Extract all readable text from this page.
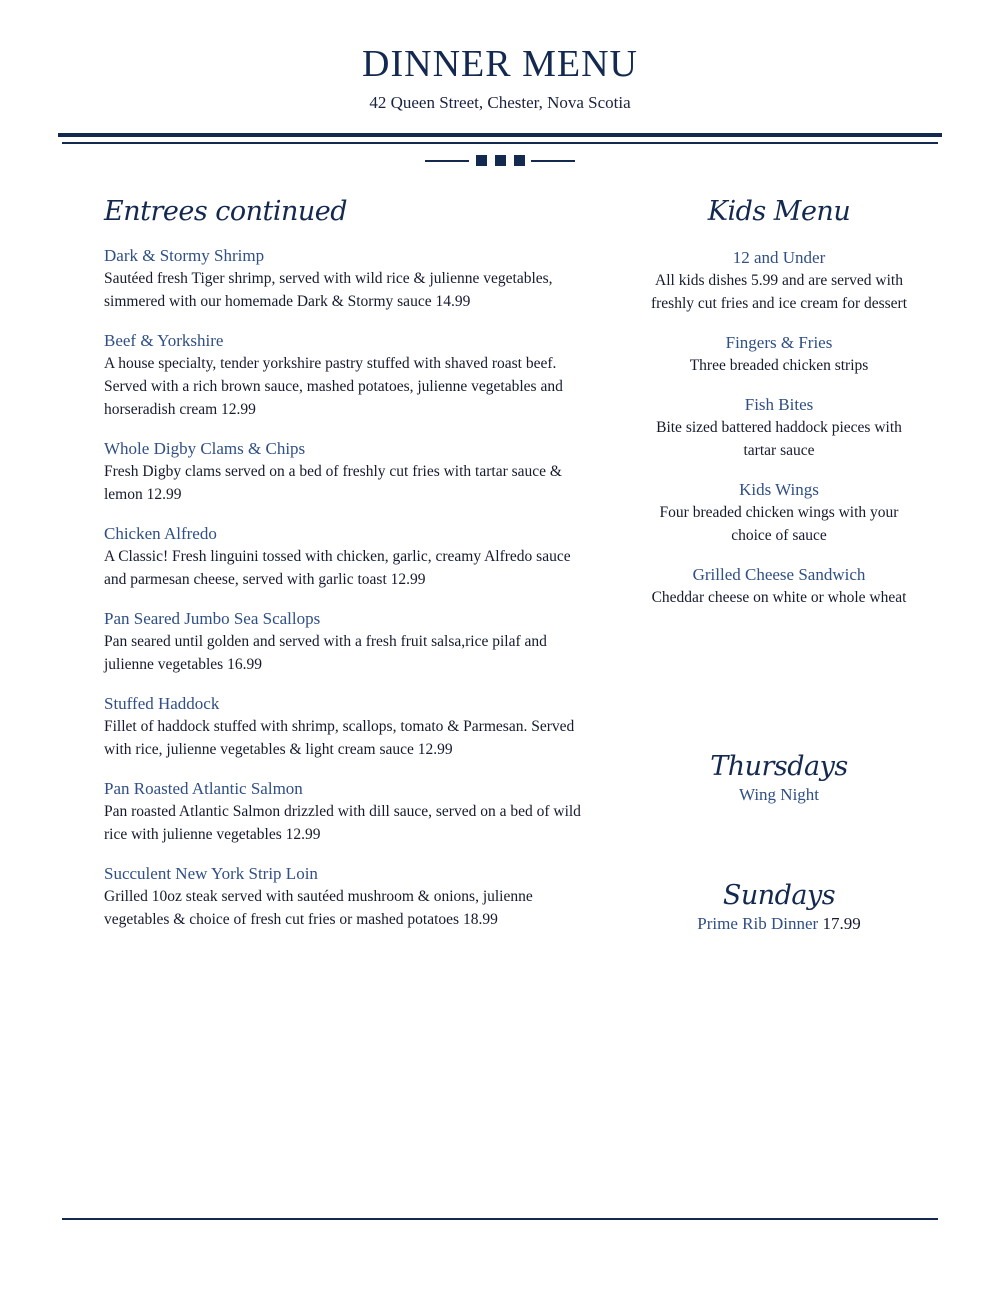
DINNER MENU
42 Queen Street, Chester, Nova Scotia
Entrees continued
Dark & Stormy Shrimp
Sautéed fresh Tiger shrimp, served with wild rice & julienne vegetables, simmered with our homemade Dark & Stormy sauce 14.99
Beef & Yorkshire
A house specialty, tender yorkshire pastry stuffed with shaved roast beef. Served with a rich brown sauce, mashed potatoes, julienne vegetables and horseradish cream 12.99
Whole Digby Clams & Chips
Fresh Digby clams served on a bed of freshly cut fries with tartar sauce & lemon 12.99
Chicken Alfredo
A Classic! Fresh linguini tossed with chicken, garlic, creamy Alfredo sauce and parmesan cheese, served with garlic toast 12.99
Pan Seared Jumbo Sea Scallops
Pan seared until golden and served with a fresh fruit salsa,rice pilaf and julienne vegetables 16.99
Stuffed Haddock
Fillet of haddock stuffed with shrimp, scallops, tomato & Parmesan. Served with rice, julienne vegetables & light cream sauce 12.99
Pan Roasted Atlantic Salmon
Pan roasted Atlantic Salmon drizzled with dill sauce, served on a bed of wild rice with julienne vegetables 12.99
Succulent New York Strip Loin
Grilled 10oz steak served with sautéed mushroom & onions, julienne vegetables & choice of fresh cut fries or mashed potatoes 18.99
Kids Menu
12 and Under
All kids dishes 5.99 and are served with freshly cut fries and ice cream for dessert
Fingers & Fries
Three breaded chicken strips
Fish Bites
Bite sized battered haddock pieces with tartar sauce
Kids Wings
Four breaded chicken wings with your choice of sauce
Grilled Cheese Sandwich
Cheddar cheese on white or whole wheat
Thursdays
Wing Night
Sundays
Prime Rib Dinner 17.99
